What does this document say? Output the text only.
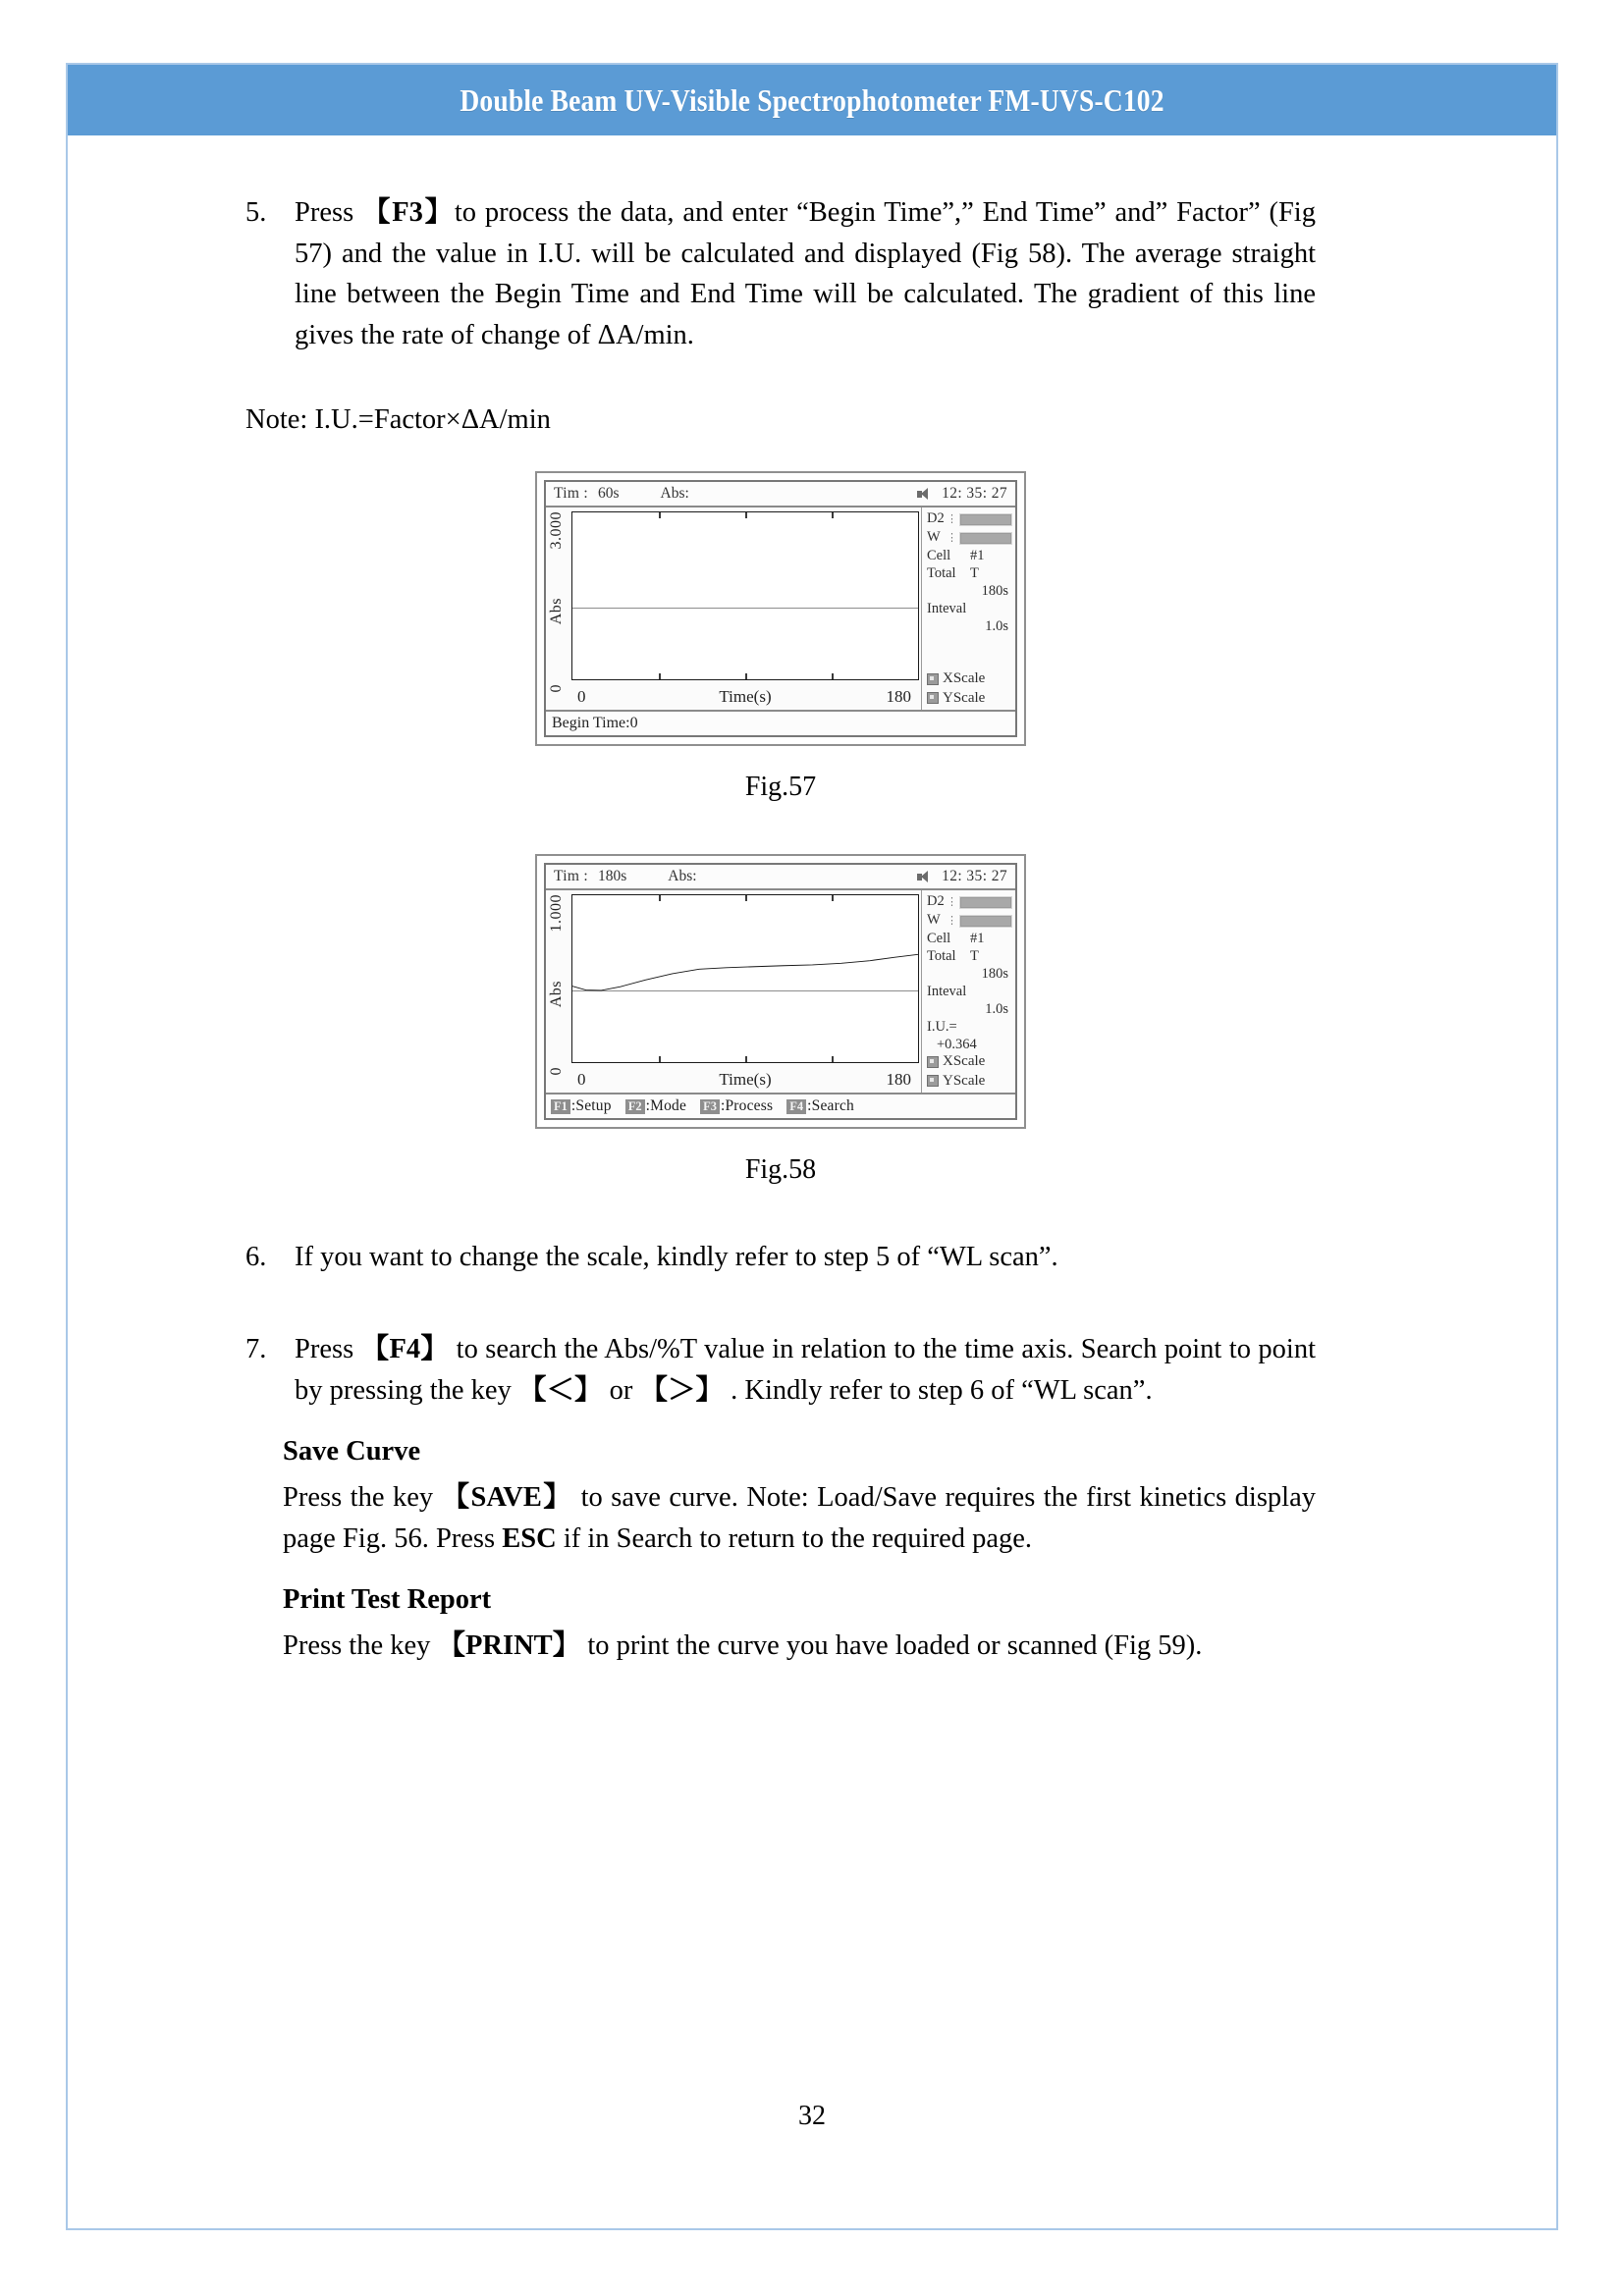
Double Beam UV-Visible Spectrophotometer FM-UVS-C102
5.	Press 【F3】to process the data, and enter “Begin Time”,” End Time” and” Factor” (Fig 57) and the value in I.U. will be calculated and displayed (Fig 58). The average straight line between the Begin Time and End Time will be calculated. The gradient of this line gives the rate of change of ΔA/min.
Note: I.U.=Factor×ΔA/min
Tim : 60s	Abs:	12: 35: 27
3.000
Abs
0 0	Time(s)	180
D2 ⋮
W ⋮
Cell	#1
Total T
180s
Inteval
1.0s
XScale
YScale
Begin Time:0
Fig.57
Tim : 180s	Abs:	12: 35: 27
1.000
Abs
0 0	Time(s)	180
D2 ⋮
W ⋮
Cell	#1
Total T
180s
Inteval
1.0s
I.U.=
+0.364
XScale
YScale
F1 :Setup F2 :Mode F3 :Process F4 :Search
Fig.58
6.	If you want to change the scale, kindly refer to step 5 of “WL scan”.
7.	Press 【F4】 to search the Abs/%T value in relation to the time axis. Search point to point by pressing the key 【＜】 or 【＞】 . Kindly refer to step 6 of “WL scan”.
Save Curve
Press the key 【SAVE】 to save curve. Note: Load/Save requires the first kinetics display page Fig. 56. Press ESC if in Search to return to the required page.
Print Test Report
Press the key 【PRINT】 to print the curve you have loaded or scanned (Fig 59).
32
